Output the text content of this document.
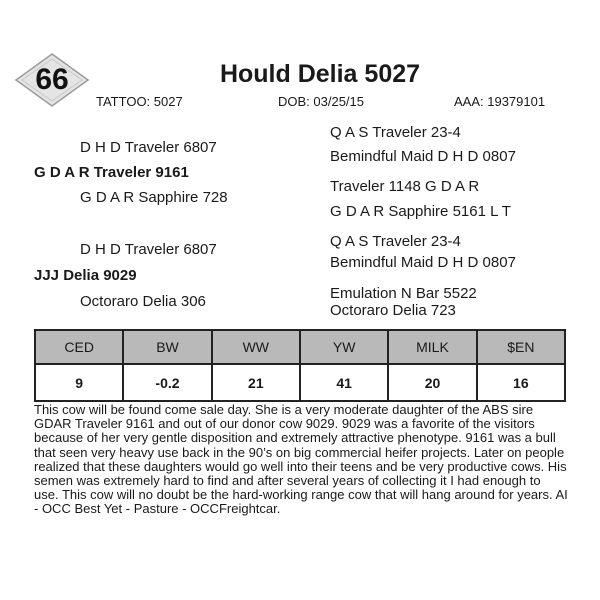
66	Hould Delia 5027
TATTOO: 5027	DOB: 03/25/15	AAA: 19379101
D H D Traveler 6807
Q A S Traveler 23-4
Bemindful Maid D H D 0807
G D A R Traveler 9161
G D A R Sapphire 728
Traveler 1148 G D A R
G D A R Sapphire 5161 L T
D H D Traveler 6807	Q A S Traveler 23-4
Bemindful Maid D H D 0807
JJJ Delia 9029
Octoraro Delia 306	Emulation N Bar 5522
Octoraro Delia 723
CED	BW	WW	YW	MILK	$EN
9	-0.2	21	41	20	16
This cow will be found come sale day. She is a very moderate daughter of the ABS sire GDAR Traveler 9161 and out of our donor cow 9029. 9029 was a favorite of the visitors because of her very gentle disposition and extremely attractive phenotype. 9161 was a bull that seen very heavy use back in the 90’s on big commercial heifer projects. Later on people realized that these daughters would go well into their teens and be very productive cows. His semen was extremely hard to find and after several years of collecting it I had enough to use. This cow will no doubt be the hard-working range cow that will hang around for years. AI - OCC Best Yet - Pasture - OCCFreightcar.
